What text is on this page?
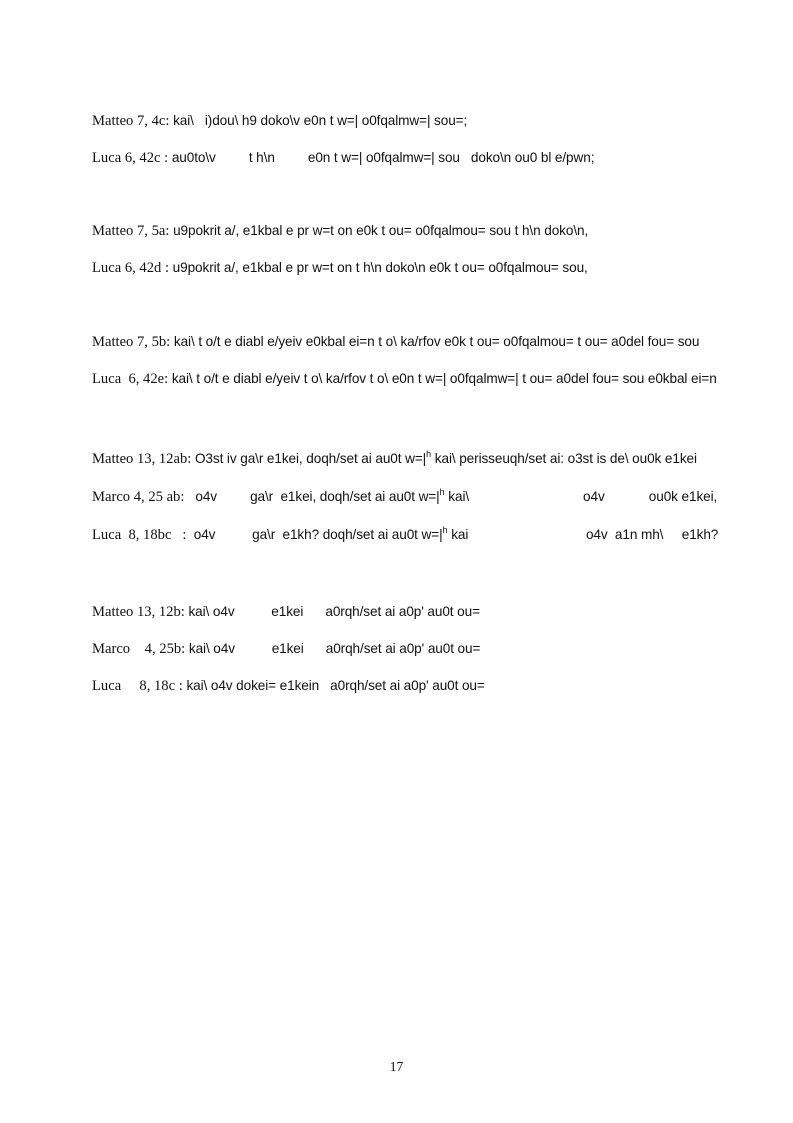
Matteo 7, 4c: kai\   i)dou\ h9 doko\v e0n t w=| o0fqalmw=| sou=;

Luca 6, 42c : au0to\v         t h\n         e0n t w=| o0fqalmw=| sou   doko\n ou0 bl e/pwn;

Matteo 7, 5a: u9pokrit a/, e1kbal e pr w=t on e0k t ou= o0fqalmou= sou t h\n doko\n,

Luca 6, 42d : u9pokrit a/, e1kbal e pr w=t on t h\n doko\n e0k t ou= o0fqalmou= sou,

Matteo 7, 5b: kai\ t o/t e diabl e/yeiv e0kbal ei=n t o\ ka/rfov e0k t ou= o0fqalmou= t ou= a0del fou= sou

Luca  6, 42e: kai\ t o/t e diabl e/yeiv t o\ ka/rfov t o\ e0n t w=| o0fqalmw=| t ou= a0del fou= sou e0kbal ei=n

Matteo 13, 12ab: O3st iv ga\r e1kei, doqh/set ai au0t $w=|^h$ kai\ perisseuqh/set ai: o3st is de\ ou0k e1kei

Marco 4, 25 ab:   o4v         ga\r  e1kei, doqh/set ai au0t $w=|^h$ kai\                               o4v            ou0k e1kei,

Luca  8, 18bc   :  o4v          ga\r  e1kh? doqh/set ai au0t $w=|^h$ kai                                o4v  a1n mh\     e1kh?

Matteo 13, 12b: kai\ o4v          e1kei      a0rqh/set ai a0p' au0t ou=

Marco    4, 25b: kai\ o4v          e1kei      a0rqh/set ai a0p' au0t ou=

Luca     8, 18c : kai\ o4v dokei= e1kein   a0rqh/set ai a0p' au0t ou=

17
